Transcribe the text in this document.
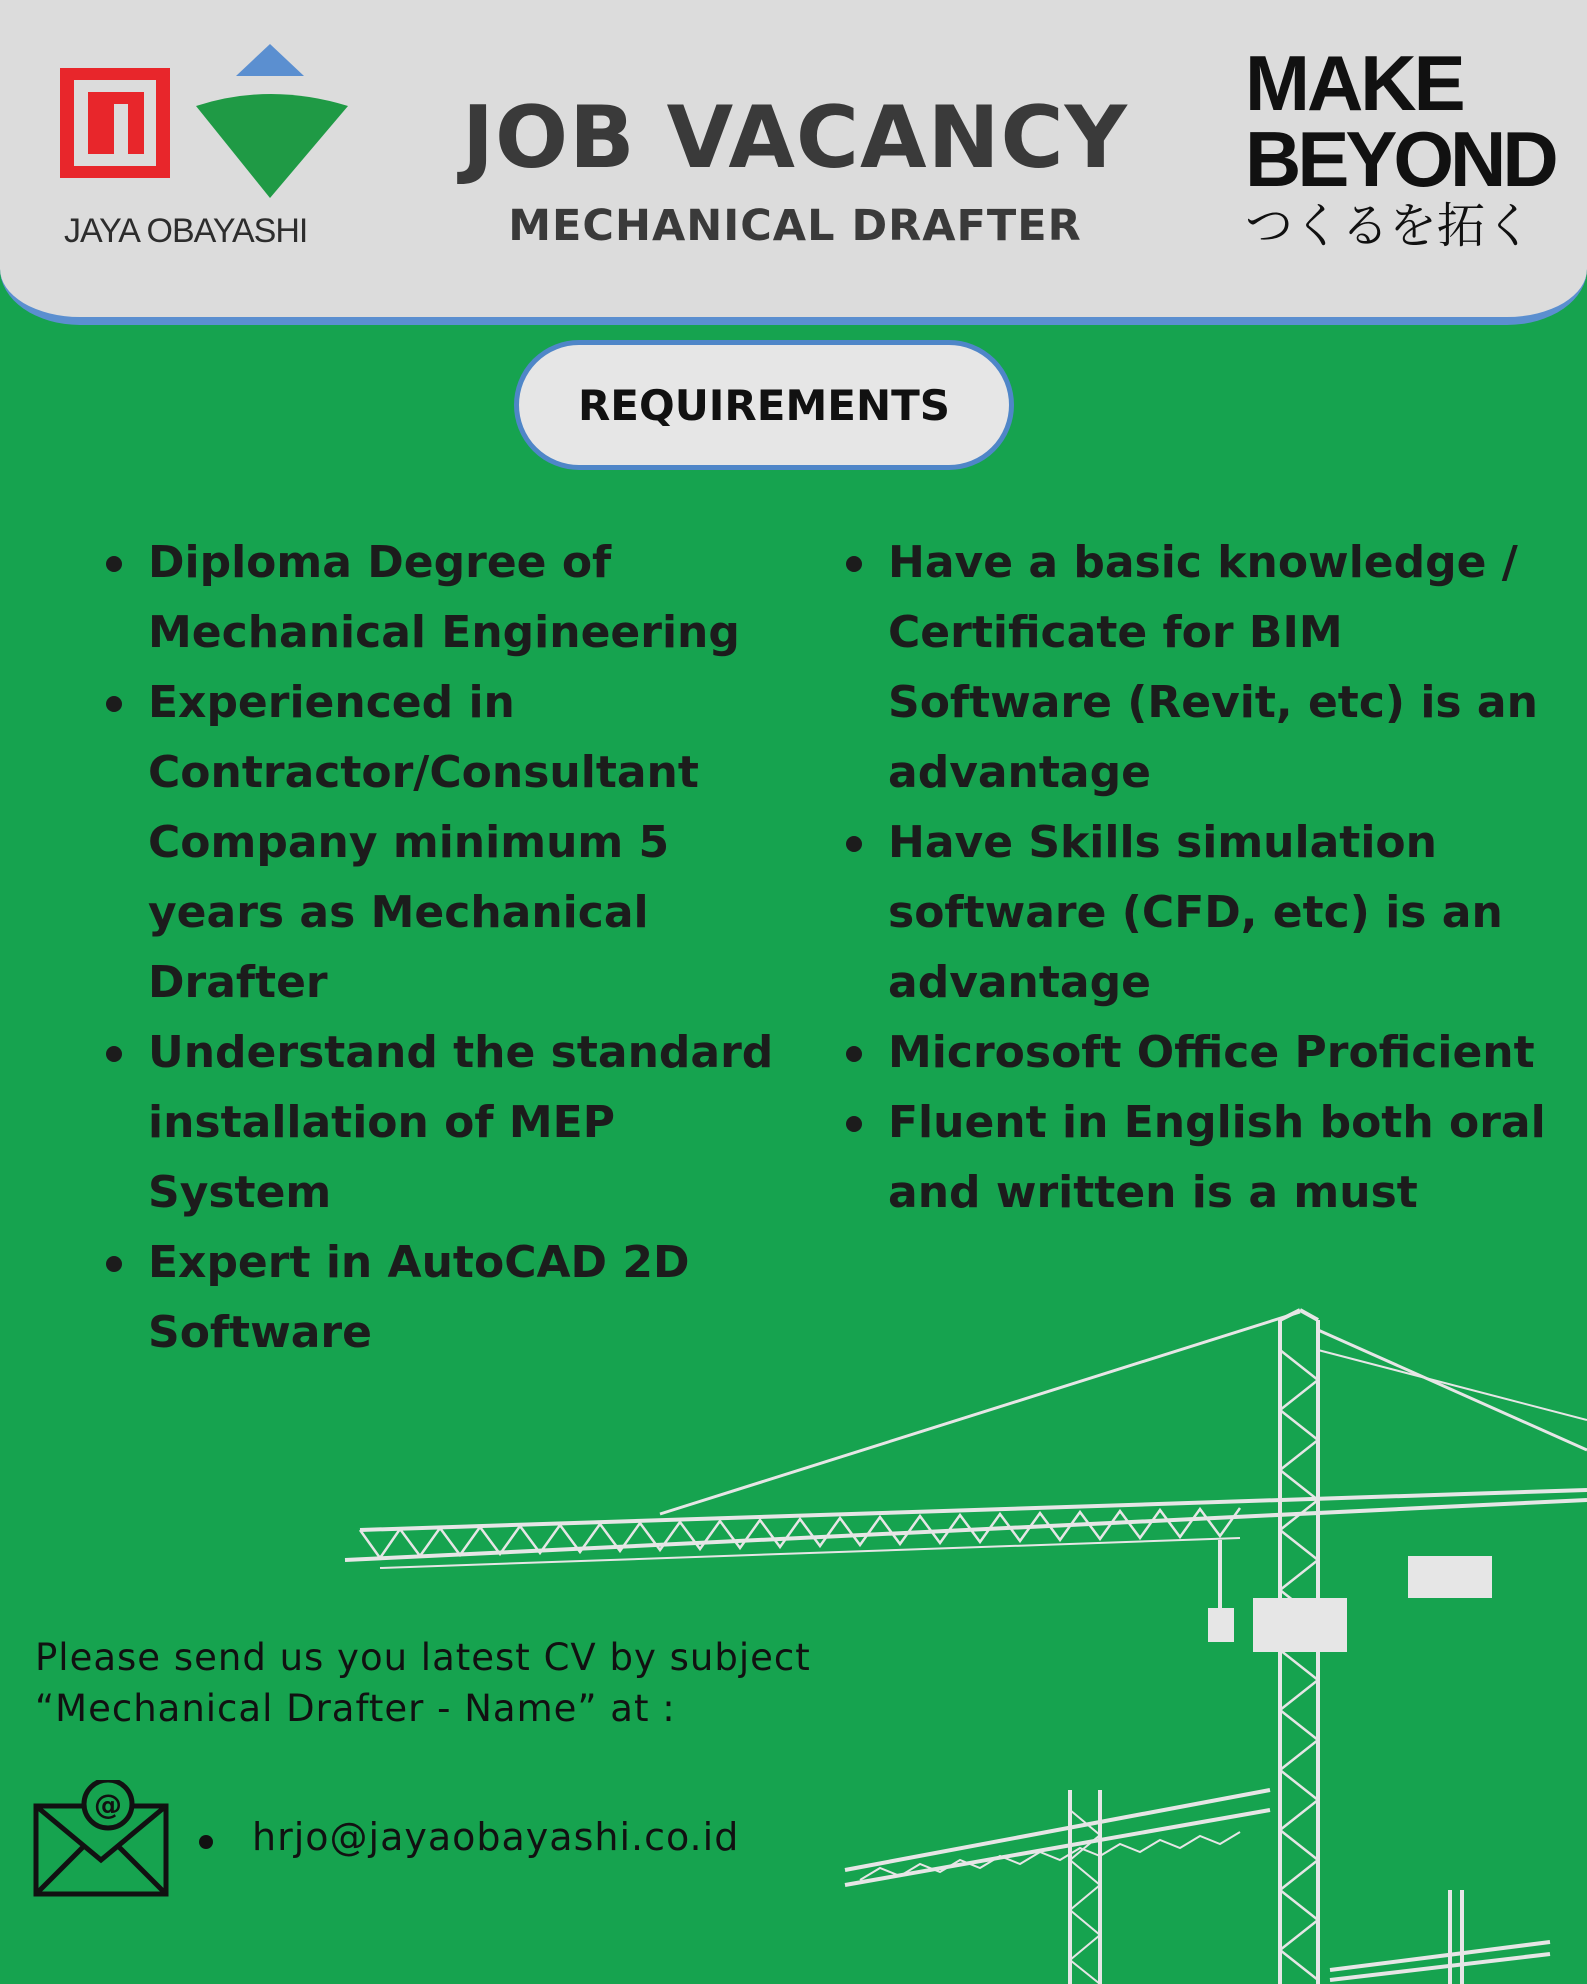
JAYA OBAYASHI
JOB VACANCY
MECHANICAL DRAFTER
MAKE
BEYOND
つくるを拓く
REQUIREMENTS
Diploma Degree of Mechanical Engineering
Experienced in Contractor/Consultant Company minimum 5 years as Mechanical Drafter
Understand the standard installation of MEP System
Expert in AutoCAD 2D Software
Have a basic knowledge / Certificate for BIM Software (Revit, etc) is an advantage
Have Skills simulation software (CFD, etc) is an advantage
Microsoft Office Proficient
Fluent in English both oral and written is a must
Please send us you latest CV by subject
“Mechanical Drafter - Name” at :
@
hrjo@jayaobayashi.co.id
